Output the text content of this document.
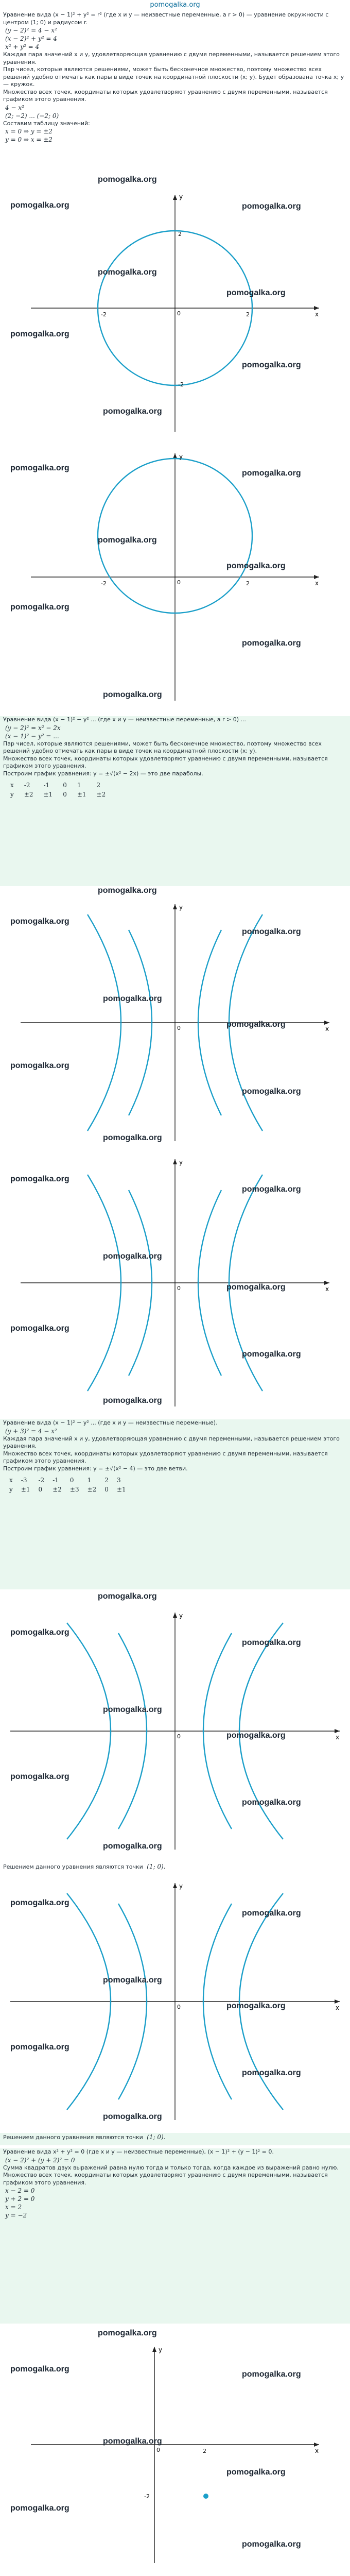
pomogalka.org

Уравнение вида (x − 1)² + y² = r² (где x и y — неизвестные переменные, а r > 0) — уравнение окружности с центром (1; 0) и радиусом r.

(y − 2)² = 4 − x²

(x − 2)² + y² = 4

x² + y² = 4

Каждая пара значений x и y, удовлетворяющая уравнению с двумя переменными, называется решением этого уравнения.

Пар чисел, которые являются решениями, может быть бесконечное множество, поэтому множество всех решений удобно отмечать как пары в виде точек на координатной плоскости (x; y). Будет образована точка x; y — кружок.

Множество всех точек, координаты которых удовлетворяют уравнению с двумя переменными, называется графиком этого уравнения.

4 − x²

(2; −2) ... (−2; 0)

Составим таблицу значений:

x = 0 ⇒ y = ±2

y = 0 ⇒ x = ±2

pomogalka.org
x
y
-2	2
2
-2
0
pomogalka.org	pomogalka.org
pomogalka.org
pomogalka.org
pomogalka.org
pomogalka.org
pomogalka.org
-2	2
0	x
y
pomogalka.org
pomogalka.org
pomogalka.org
pomogalka.org
pomogalka.org
pomogalka.org
pomogalka.org

Уравнение вида (x − 1)² − y² ... (где x и y — неизвестные переменные, а r > 0) ...

(y − 2)² = x² − 2x

(x − 1)² − y² = ...

Пар чисел, которые являются решениями, может быть бесконечное множество, поэтому множество всех решений удобно отмечать как пары в виде точек на координатной плоскости (x; y).

Множество всех точек, координаты которых удовлетворяют уравнению с двумя переменными, называется графиком этого уравнения.

Построим график уравнения: y = ±√(x² − 2x) — это две параболы.

x	-2	-1	0	1	2
y	±2	±1	0	±1	±2
pomogalka.org
0	x
y
pomogalka.org
pomogalka.org
pomogalka.org
pomogalka.org
pomogalka.org
pomogalka.org
pomogalka.org
0	x
y
pomogalka.org
pomogalka.org
pomogalka.org
pomogalka.org
pomogalka.org
pomogalka.org
pomogalka.org

Уравнение вида (x − 1)² − y² ... (где x и y — неизвестные переменные).

(y + 3)² = 4 − x²

Каждая пара значений x и y, удовлетворяющая уравнению с двумя переменными, называется решением этого уравнения.

Множество всех точек, координаты которых удовлетворяют уравнению с двумя переменными, называется графиком этого уравнения.

Построим график уравнения: y = ±√(x² − 4) — это две ветви.

x	-3	-2	-1	0	1	2	3
y	±1	0	±2	±3	±2	0	±1
pomogalka.org
0	x
y
pomogalka.org
pomogalka.org
pomogalka.org
pomogalka.org
pomogalka.org
pomogalka.org
pomogalka.org

Решением данного уравнения являются точки (1; 0).

0	x
y
pomogalka.org
pomogalka.org
pomogalka.org
pomogalka.org
pomogalka.org
pomogalka.org
pomogalka.org

Решением данного уравнения являются точки (1; 0).

Уравнение вида x² + y² = 0 (где x и y — неизвестные переменные), (x − 1)² + (y − 1)² = 0.

(x − 2)² + (y + 2)² = 0

Сумма квадратов двух выражений равна нулю тогда и только тогда, когда каждое из выражений равно нулю.

Множество всех точек, координаты которых удовлетворяют уравнению с двумя переменными, называется графиком этого уравнения.

x − 2 = 0

y + 2 = 0

x = 2

y = −2

pomogalka.org
0	2
-2
x
y
pomogalka.org
pomogalka.org
pomogalka.org
pomogalka.org
pomogalka.org
pomogalka.org
